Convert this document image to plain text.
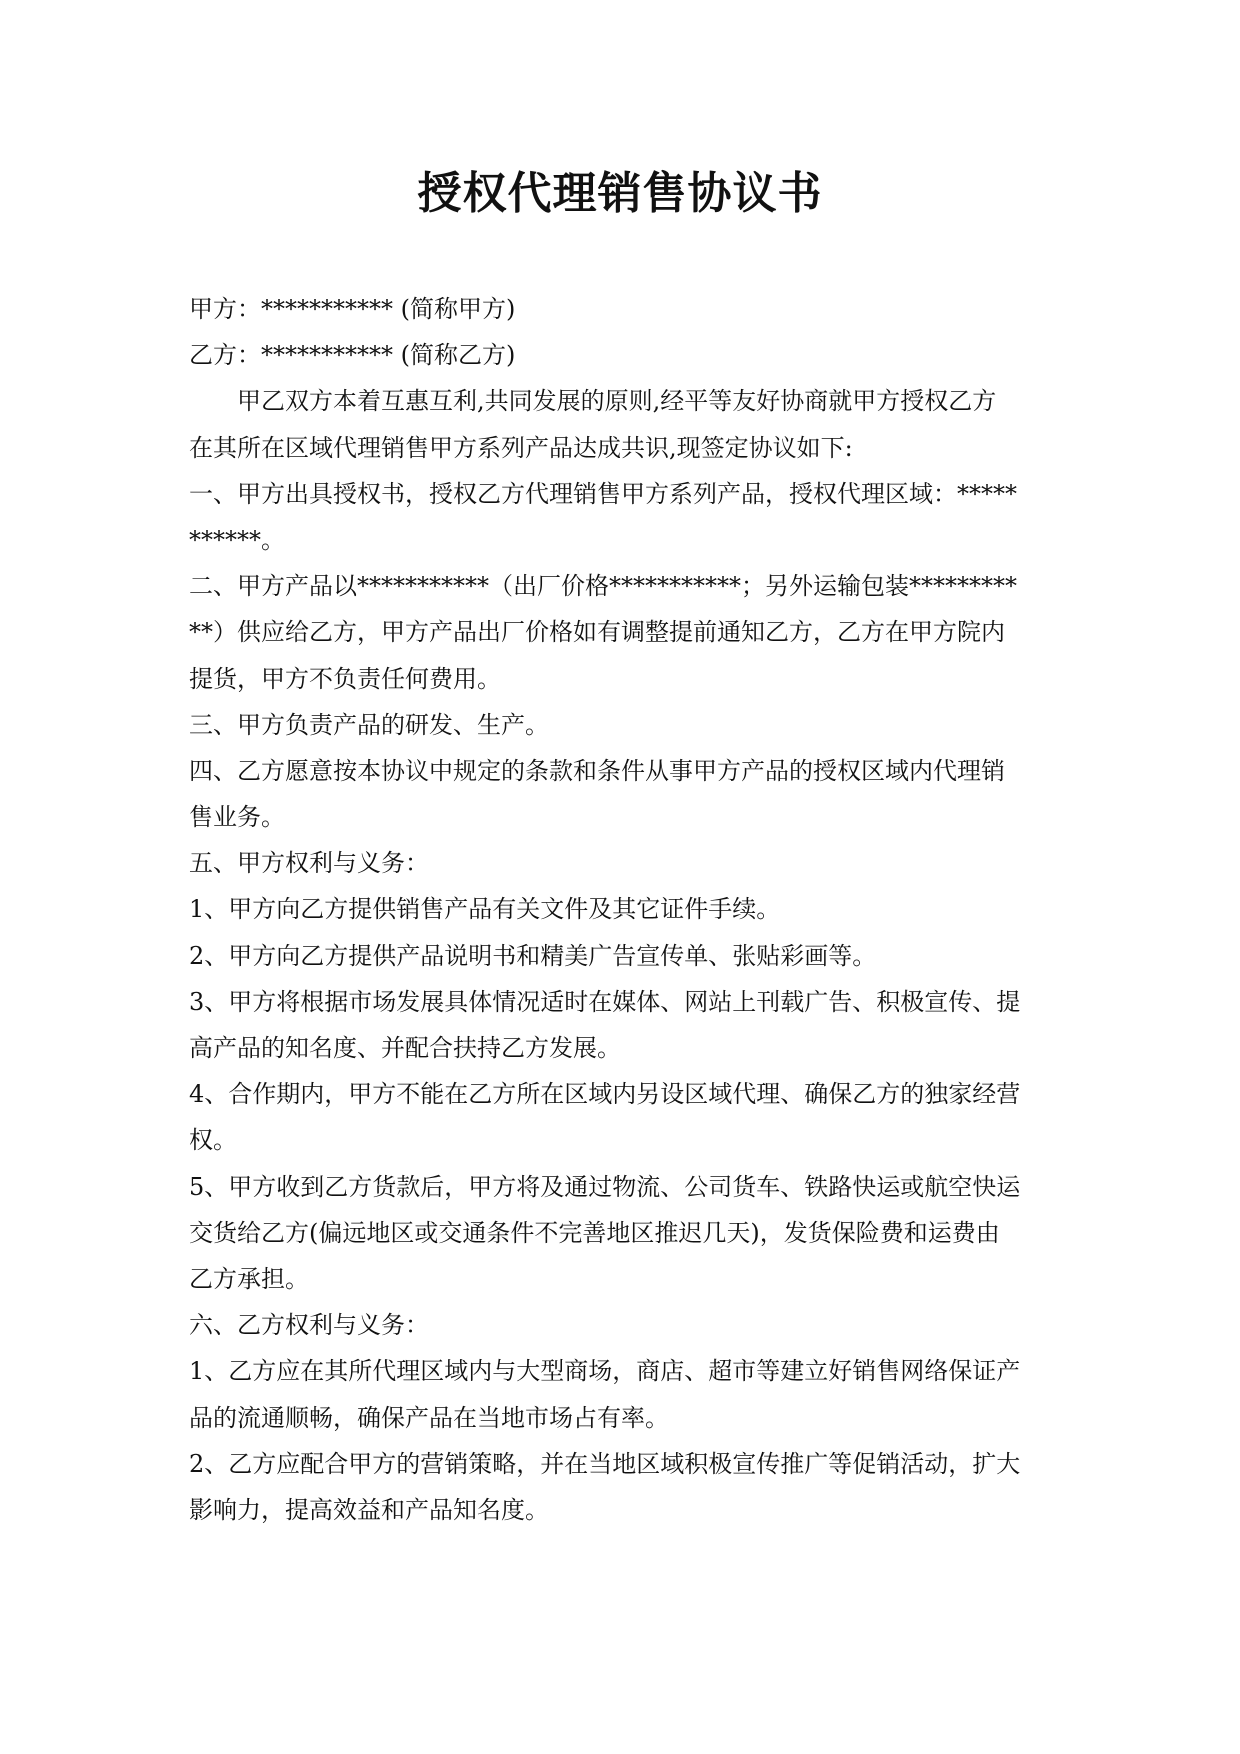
授权代理销售协议书
甲方：*********** (简称甲方)
乙方：*********** (简称乙方)
甲乙双方本着互惠互利,共同发展的原则,经平等友好协商就甲方授权乙方
在其所在区域代理销售甲方系列产品达成共识,现签定协议如下:
一、甲方出具授权书，授权乙方代理销售甲方系列产品，授权代理区域：*****
******。
二、甲方产品以***********（出厂价格***********；另外运输包装*********
**）供应给乙方，甲方产品出厂价格如有调整提前通知乙方，乙方在甲方院内
提货，甲方不负责任何费用。
三、甲方负责产品的研发、生产。
四、乙方愿意按本协议中规定的条款和条件从事甲方产品的授权区域内代理销
售业务。
五、甲方权利与义务：
1、甲方向乙方提供销售产品有关文件及其它证件手续。
2、甲方向乙方提供产品说明书和精美广告宣传单、张贴彩画等。
3、甲方将根据市场发展具体情况适时在媒体、网站上刊载广告、积极宣传、提
高产品的知名度、并配合扶持乙方发展。
4、合作期内，甲方不能在乙方所在区域内另设区域代理、确保乙方的独家经营
权。
5、甲方收到乙方货款后，甲方将及通过物流、公司货车、铁路快运或航空快运
交货给乙方(偏远地区或交通条件不完善地区推迟几天)，发货保险费和运费由
乙方承担。
六、乙方权利与义务：
1、乙方应在其所代理区域内与大型商场，商店、超市等建立好销售网络保证产
品的流通顺畅，确保产品在当地市场占有率。
2、乙方应配合甲方的营销策略，并在当地区域积极宣传推广等促销活动，扩大
影响力，提高效益和产品知名度。
